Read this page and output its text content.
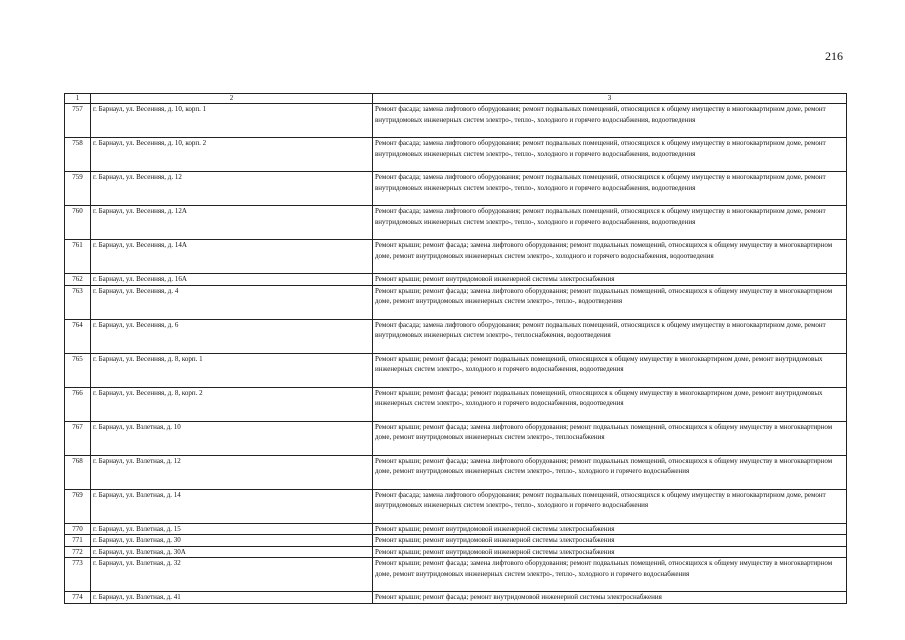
216
1	2	3
757	г. Барнаул, ул. Весенняя, д. 10, корп. 1	Ремонт фасада; замена лифтового оборудования; ремонт подвальных помещений, относящихся к общему имуществу в многоквартирном доме, ремонт внутридомовых инженерных систем электро-, тепло-, холодного и горячего водоснабжения, водоотведения
758	г. Барнаул, ул. Весенняя, д. 10, корп. 2	Ремонт фасада; замена лифтового оборудования; ремонт подвальных помещений, относящихся к общему имуществу в многоквартирном доме, ремонт внутридомовых инженерных систем электро-, тепло-, холодного и горячего водоснабжения, водоотведения
759	г. Барнаул, ул. Весенняя, д. 12	Ремонт фасада; замена лифтового оборудования; ремонт подвальных помещений, относящихся к общему имуществу в многоквартирном доме, ремонт внутридомовых инженерных систем электро-, тепло-, холодного и горячего водоснабжения, водоотведения
760	г. Барнаул, ул. Весенняя, д. 12А	Ремонт фасада; замена лифтового оборудования; ремонт подвальных помещений, относящихся к общему имуществу в многоквартирном доме, ремонт внутридомовых инженерных систем электро-, тепло-, холодного и горячего водоснабжения, водоотведения
761	г. Барнаул, ул. Весенняя, д. 14А	Ремонт крыши; ремонт фасада; замена лифтового оборудования; ремонт подвальных помещений, относящихся к общему имуществу в многоквартирном доме, ремонт внутридомовых инженерных систем электро-, холодного и горячего водоснабжения, водоотведения
762	г. Барнаул, ул. Весенняя, д. 16А	Ремонт крыши; ремонт внутридомовой инженерной системы электроснабжения
763	г. Барнаул, ул. Весенняя, д. 4	Ремонт крыши; ремонт фасада; замена лифтового оборудования; ремонт подвальных помещений, относящихся к общему имуществу в многоквартирном доме, ремонт внутридомовых инженерных систем электро-, тепло-, водоотведения
764	г. Барнаул, ул. Весенняя, д. 6	Ремонт фасада; замена лифтового оборудования; ремонт подвальных помещений, относящихся к общему имуществу в многоквартирном доме, ремонт внутридомовых инженерных систем электро-, теплоснабжения, водоотведения
765	г. Барнаул, ул. Весенняя, д. 8, корп. 1	Ремонт крыши; ремонт фасада; ремонт подвальных помещений, относящихся к общему имуществу в многоквартирном доме, ремонт внутридомовых инженерных систем электро-, холодного и горячего водоснабжения, водоотведения
766	г. Барнаул, ул. Весенняя, д. 8, корп. 2	Ремонт крыши; ремонт фасада; ремонт подвальных помещений, относящихся к общему имуществу в многоквартирном доме, ремонт внутридомовых инженерных систем электро-, холодного и горячего водоснабжения, водоотведения
767	г. Барнаул, ул. Взлетная, д. 10	Ремонт крыши; ремонт фасада; замена лифтового оборудования; ремонт подвальных помещений, относящихся к общему имуществу в многоквартирном доме, ремонт внутридомовых инженерных систем электро-, теплоснабжения
768	г. Барнаул, ул. Взлетная, д. 12	Ремонт крыши; ремонт фасада; замена лифтового оборудования; ремонт подвальных помещений, относящихся к общему имуществу в многоквартирном доме, ремонт внутридомовых инженерных систем электро-, тепло-, холодного и горячего водоснабжения
769	г. Барнаул, ул. Взлетная, д. 14	Ремонт фасада; замена лифтового оборудования; ремонт подвальных помещений, относящихся к общему имуществу в многоквартирном доме, ремонт внутридомовых инженерных систем электро-, тепло-, холодного и горячего водоснабжения
770	г. Барнаул, ул. Взлетная, д. 15	Ремонт крыши; ремонт внутридомовой инженерной системы электроснабжения
771	г. Барнаул, ул. Взлетная, д. 30	Ремонт крыши; ремонт внутридомовой инженерной системы электроснабжения
772	г. Барнаул, ул. Взлетная, д. 30А	Ремонт крыши; ремонт внутридомовой инженерной системы электроснабжения
773	г. Барнаул, ул. Взлетная, д. 32	Ремонт крыши; ремонт фасада; замена лифтового оборудования; ремонт подвальных помещений, относящихся к общему имуществу в многоквартирном доме, ремонт внутридомовых инженерных систем электро-, тепло-, холодного и горячего водоснабжения
774	г. Барнаул, ул. Взлетная, д. 41	Ремонт крыши; ремонт фасада; ремонт внутридомовой инженерной системы электроснабжения
